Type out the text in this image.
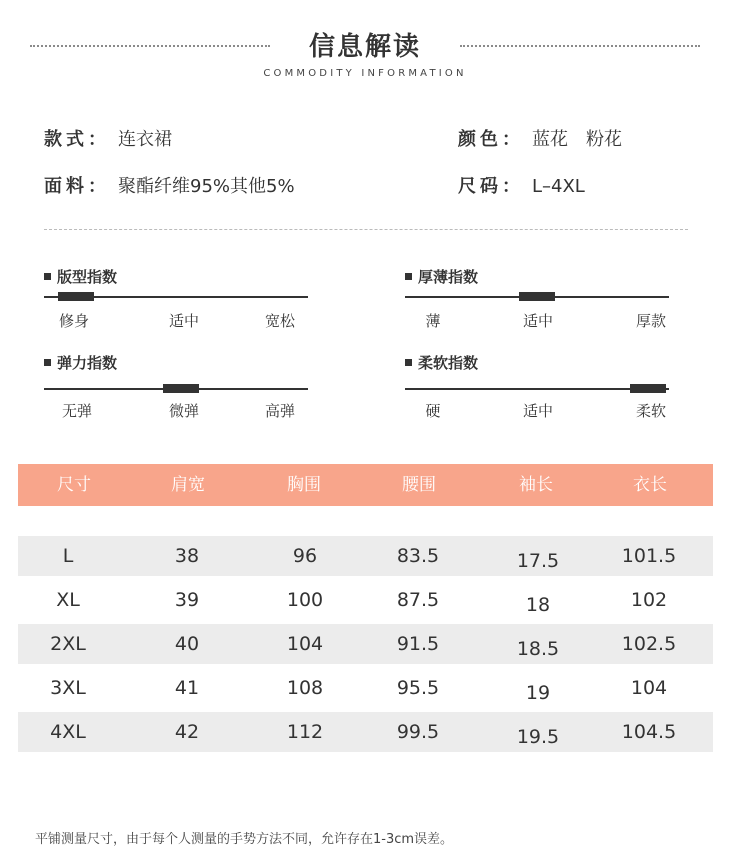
信息解读
COMMODITY INFORMATION
款式： 连衣裙	颜色： 蓝花　粉花
面料： 聚酯纤维95%其他5%	尺码： L–4XL
版型指数
修身	适中	宽松
厚薄指数
薄	适中	厚款
弹力指数
无弹	微弹	高弹
柔软指数
硬	适中	柔软
尺寸	肩宽	胸围	腰围	袖长	衣长
L	38	96	83.5	17.5	101.5
XL	39	100	87.5	18	102
2XL	40	104	91.5	18.5	102.5
3XL	41	108	95.5	19	104
4XL	42	112	99.5	19.5	104.5
平铺测量尺寸，由于每个人测量的手势方法不同，允许存在1-3cm误差。
